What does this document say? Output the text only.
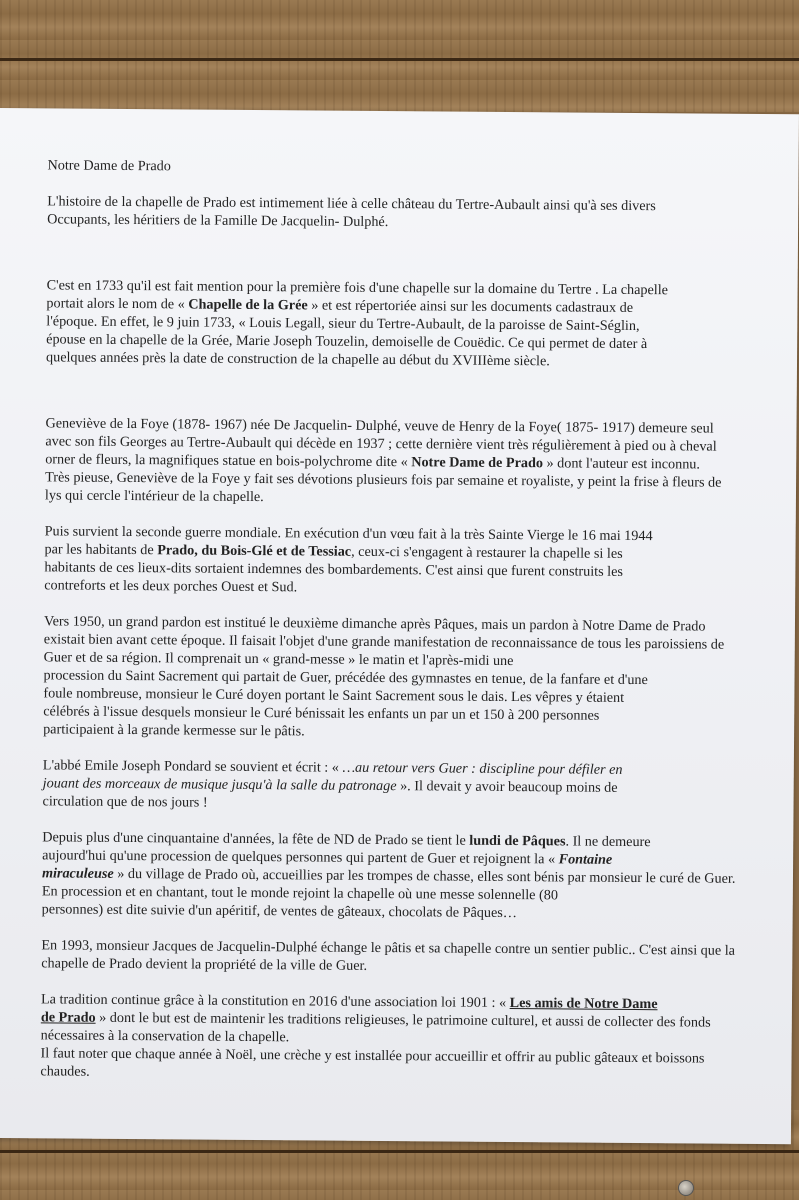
Notre Dame de Prado

L'histoire de la chapelle de Prado est intimement liée à celle château du Tertre-Aubault ainsi qu'à ses divers
Occupants, les héritiers de la Famille De Jacquelin- Dulphé.

C'est en 1733 qu'il est fait mention pour la première fois d'une chapelle sur la domaine du Tertre . La chapelle
portait alors le nom de « Chapelle de la Grée » et est répertoriée ainsi sur les documents cadastraux de
l'époque. En effet, le 9 juin 1733, « Louis Legall, sieur du Tertre-Aubault, de la paroisse de Saint-Séglin,
épouse en la chapelle de la Grée, Marie Joseph Touzelin, demoiselle de Couëdic. Ce qui permet de dater à
quelques années près la date de construction de la chapelle au début du XVIIIème siècle.

Geneviève de la Foye (1878- 1967) née De Jacquelin- Dulphé, veuve de Henry de la Foye( 1875- 1917) demeure seul
avec son fils Georges au Tertre-Aubault qui décède en 1937 ; cette dernière vient très régulièrement à pied ou à cheval
orner de fleurs, la magnifiques statue en bois-polychrome dite « Notre Dame de Prado » dont l'auteur est inconnu.
Très pieuse, Geneviève de la Foye y fait ses dévotions plusieurs fois par semaine et royaliste, y peint la frise à fleurs de
lys qui cercle l'intérieur de la chapelle.

Puis survient la seconde guerre mondiale. En exécution d'un vœu fait à la très Sainte Vierge le 16 mai 1944
par les habitants de Prado, du Bois-Glé et de Tessiac, ceux-ci s'engagent à restaurer la chapelle si les
habitants de ces lieux-dits sortaient indemnes des bombardements. C'est ainsi que furent construits les
contreforts et les deux porches Ouest et Sud.

Vers 1950, un grand pardon est institué le deuxième dimanche après Pâques, mais un pardon à Notre Dame de Prado
existait bien avant cette époque. Il faisait l'objet d'une grande manifestation de reconnaissance de tous les paroissiens de
Guer et de sa région. Il comprenait un « grand-messe » le matin et l'après-midi une
procession du Saint Sacrement qui partait de Guer, précédée des gymnastes en tenue, de la fanfare et d'une
foule nombreuse, monsieur le Curé doyen portant le Saint Sacrement sous le dais. Les vêpres y étaient
célébrés à l'issue desquels monsieur le Curé bénissait les enfants un par un et 150 à 200 personnes
participaient à la grande kermesse sur le pâtis.

L'abbé Emile Joseph Pondard se souvient et écrit : « …au retour vers Guer : discipline pour défiler en
jouant des morceaux de musique jusqu'à la salle du patronage ». Il devait y avoir beaucoup moins de
circulation que de nos jours !

Depuis plus d'une cinquantaine d'années, la fête de ND de Prado se tient le lundi de Pâques. Il ne demeure
aujourd'hui qu'une procession de quelques personnes qui partent de Guer et rejoignent la « Fontaine
miraculeuse » du village de Prado où, accueillies par les trompes de chasse, elles sont bénis par monsieur le curé de Guer.
En procession et en chantant, tout le monde rejoint la chapelle où une messe solennelle (80
personnes) est dite suivie d'un apéritif, de ventes de gâteaux, chocolats de Pâques…

En 1993, monsieur Jacques de Jacquelin-Dulphé échange le pâtis et sa chapelle contre un sentier public.. C'est ainsi que la
chapelle de Prado devient la propriété de la ville de Guer.

La tradition continue grâce à la constitution en 2016 d'une association loi 1901 : « Les amis de Notre Dame
de Prado » dont le but est de maintenir les traditions religieuses, le patrimoine culturel, et aussi de collecter des fonds
nécessaires à la conservation de la chapelle.
Il faut noter que chaque année à Noël, une crèche y est installée pour accueillir et offrir au public gâteaux et boissons
chaudes.
